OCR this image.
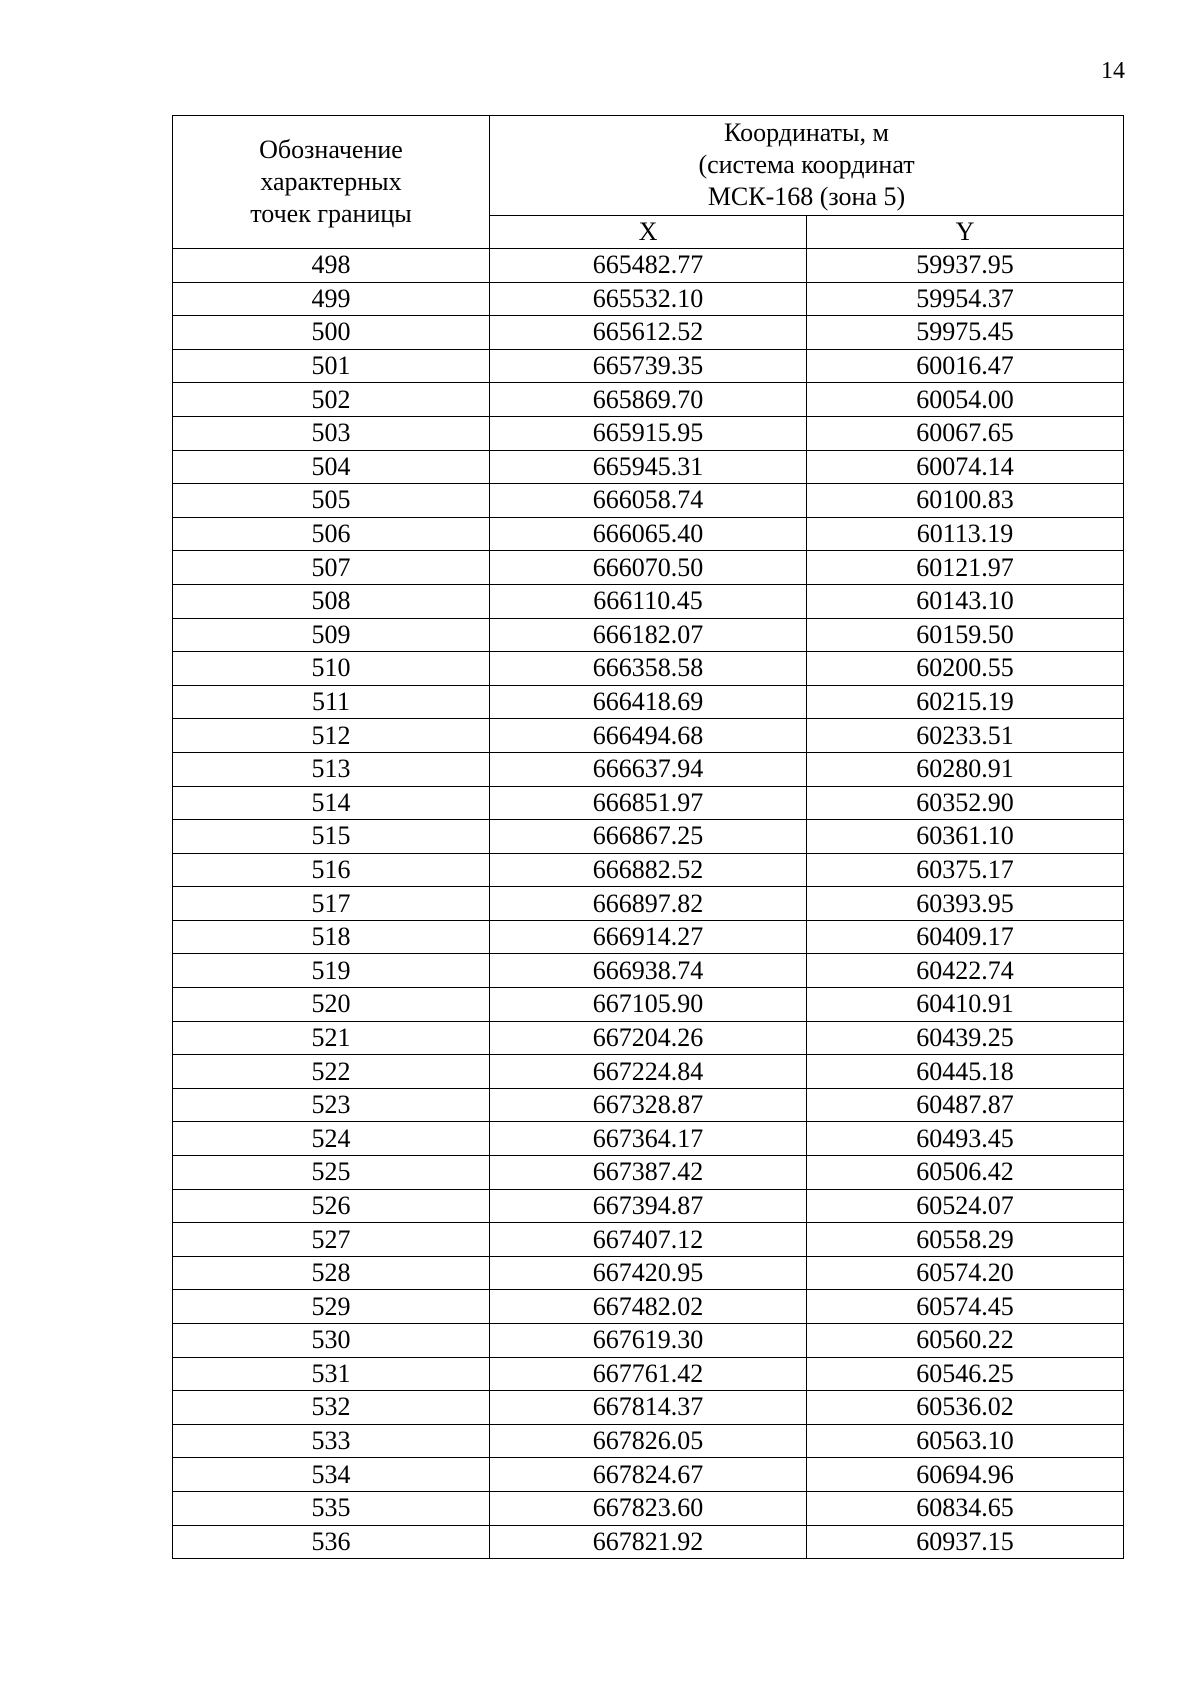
14
Обозначение
характерных
точек границы	Координаты, м
(система координат
МСК-168 (зона 5)	

	X	Y
498	665482.77	59937.95
499	665532.10	59954.37
500	665612.52	59975.45
501	665739.35	60016.47
502	665869.70	60054.00
503	665915.95	60067.65
504	665945.31	60074.14
505	666058.74	60100.83
506	666065.40	60113.19
507	666070.50	60121.97
508	666110.45	60143.10
509	666182.07	60159.50
510	666358.58	60200.55
511	666418.69	60215.19
512	666494.68	60233.51
513	666637.94	60280.91
514	666851.97	60352.90
515	666867.25	60361.10
516	666882.52	60375.17
517	666897.82	60393.95
518	666914.27	60409.17
519	666938.74	60422.74
520	667105.90	60410.91
521	667204.26	60439.25
522	667224.84	60445.18
523	667328.87	60487.87
524	667364.17	60493.45
525	667387.42	60506.42
526	667394.87	60524.07
527	667407.12	60558.29
528	667420.95	60574.20
529	667482.02	60574.45
530	667619.30	60560.22
531	667761.42	60546.25
532	667814.37	60536.02
533	667826.05	60563.10
534	667824.67	60694.96
535	667823.60	60834.65
536	667821.92	60937.15
